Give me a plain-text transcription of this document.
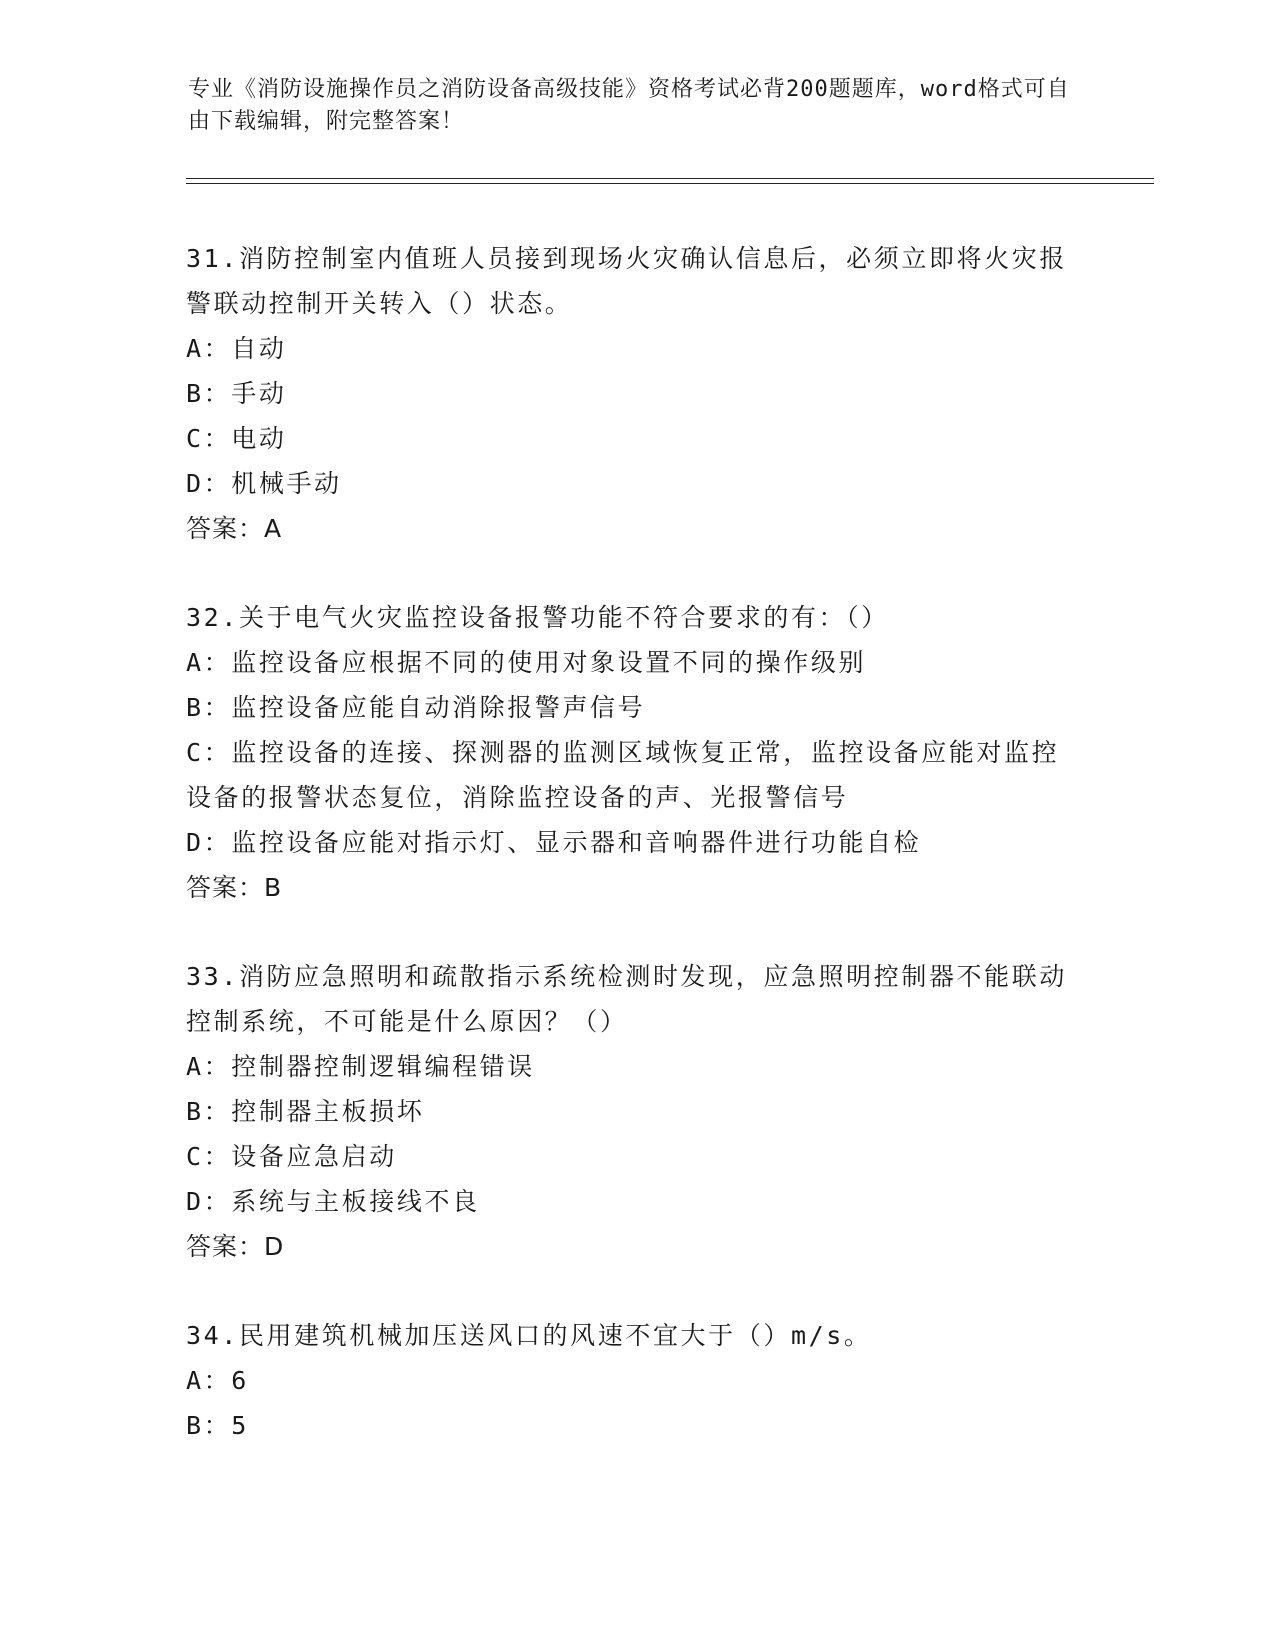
专业《消防设施操作员之消防设备高级技能》资格考试必背200题题库，word格式可自由下载编辑，附完整答案！
31.消防控制室内值班人员接到现场火灾确认信息后，必须立即将火灾报警联动控制开关转入（）状态。
A：自动
B：手动
C：电动
D：机械手动
答案：A
32.关于电气火灾监控设备报警功能不符合要求的有：（）
A：监控设备应根据不同的使用对象设置不同的操作级别
B：监控设备应能自动消除报警声信号
C：监控设备的连接、探测器的监测区域恢复正常，监控设备应能对监控设备的报警状态复位，消除监控设备的声、光报警信号
D：监控设备应能对指示灯、显示器和音响器件进行功能自检
答案：B
33.消防应急照明和疏散指示系统检测时发现，应急照明控制器不能联动控制系统，不可能是什么原因？（）
A：控制器控制逻辑编程错误
B：控制器主板损坏
C：设备应急启动
D：系统与主板接线不良
答案：D
34.民用建筑机械加压送风口的风速不宜大于（）m/s。
A：6
B：5
